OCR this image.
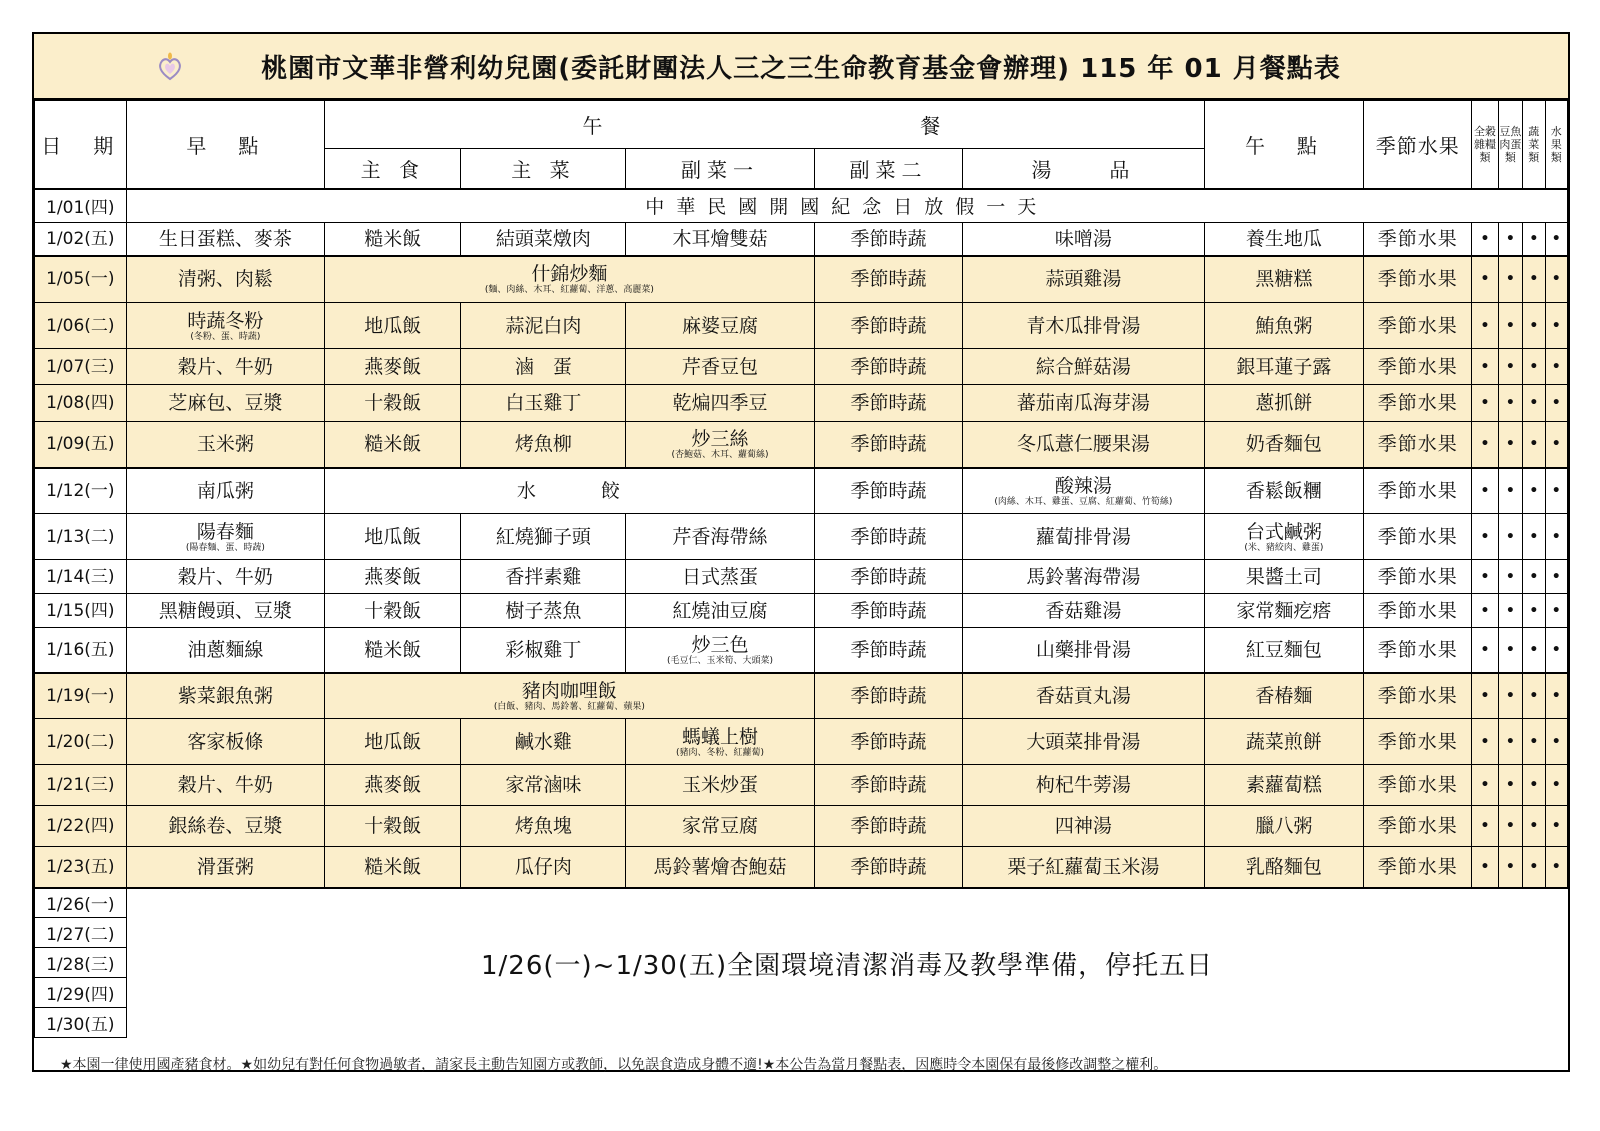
桃園市文華非營利幼兒園(委託財團法人三之三生命教育基金會辦理) 115 年 01 月餐點表
日　期	早　點	午　　　　　　　　　　　　餐					午　點	季節水果	全穀雜糧類	豆魚肉蛋類	蔬菜類	水果類
		主 食	主 菜	副菜一	副菜二	湯　　品						
1/01(四)	中華民國開國紀念日放假一天											

1/02(五)	生日蛋糕、麥茶	糙米飯	結頭菜燉肉	木耳燴雙菇	季節時蔬	味噌湯	養生地瓜	季節水果	•	•	•	•

1/05(一)	清粥、肉鬆	什錦炒麵
(麵、肉絲、木耳、紅蘿蔔、洋蔥、高麗菜)			季節時蔬	蒜頭雞湯	黑糖糕	季節水果	•	•	•	•

1/06(二)	時蔬冬粉
(冬粉、蛋、時蔬)	地瓜飯	蒜泥白肉	麻婆豆腐	季節時蔬	青木瓜排骨湯	鮪魚粥	季節水果	•	•	•	•

1/07(三)	穀片、牛奶	燕麥飯	滷　蛋	芹香豆包	季節時蔬	綜合鮮菇湯	銀耳蓮子露	季節水果	•	•	•	•

1/08(四)	芝麻包、豆漿	十穀飯	白玉雞丁	乾煸四季豆	季節時蔬	蕃茄南瓜海芽湯	蔥抓餅	季節水果	•	•	•	•

1/09(五)	玉米粥	糙米飯	烤魚柳	炒三絲
(杏鮑菇、木耳、蘿蔔絲)	季節時蔬	冬瓜薏仁腰果湯	奶香麵包	季節水果	•	•	•	•

1/12(一)	南瓜粥	水　　　餃			季節時蔬	酸辣湯
(肉絲、木耳、雞蛋、豆腐、紅蘿蔔、竹筍絲)	香鬆飯糰	季節水果	•	•	•	•

1/13(二)	陽春麵
(陽春麵、蛋、時蔬)	地瓜飯	紅燒獅子頭	芹香海帶絲	季節時蔬	蘿蔔排骨湯	台式鹹粥
(米、豬絞肉、雞蛋)	季節水果	•	•	•	•

1/14(三)	穀片、牛奶	燕麥飯	香拌素雞	日式蒸蛋	季節時蔬	馬鈴薯海帶湯	果醬土司	季節水果	•	•	•	•

1/15(四)	黑糖饅頭、豆漿	十穀飯	樹子蒸魚	紅燒油豆腐	季節時蔬	香菇雞湯	家常麵疙瘩	季節水果	•	•	•	•

1/16(五)	油蔥麵線	糙米飯	彩椒雞丁	炒三色
(毛豆仁、玉米筍、大頭菜)	季節時蔬	山藥排骨湯	紅豆麵包	季節水果	•	•	•	•

1/19(一)	紫菜銀魚粥	豬肉咖哩飯
(白飯、豬肉、馬鈴薯、紅蘿蔔、蘋果)			季節時蔬	香菇貢丸湯	香椿麵	季節水果	•	•	•	•

1/20(二)	客家板條	地瓜飯	鹹水雞	螞蟻上樹
(豬肉、冬粉、紅蘿蔔)	季節時蔬	大頭菜排骨湯	蔬菜煎餅	季節水果	•	•	•	•

1/21(三)	穀片、牛奶	燕麥飯	家常滷味	玉米炒蛋	季節時蔬	枸杞牛蒡湯	素蘿蔔糕	季節水果	•	•	•	•

1/22(四)	銀絲卷、豆漿	十穀飯	烤魚塊	家常豆腐	季節時蔬	四神湯	臘八粥	季節水果	•	•	•	•

1/23(五)	滑蛋粥	糙米飯	瓜仔肉	馬鈴薯燴杏鮑菇	季節時蔬	栗子紅蘿蔔玉米湯	乳酪麵包	季節水果	•	•	•	•

1/26(一)	1/26(一)~1/30(五)全園環境清潔消毒及教學準備，停托五日											
1/27(二)												
1/28(三)												
1/29(四)												
1/30(五)												
★本園一律使用國產豬食材。★如幼兒有對任何食物過敏者，請家長主動告知園方或教師，以免誤食造成身體不適!★本公告為當月餐點表，因應時令本園保有最後修改調整之權利。
